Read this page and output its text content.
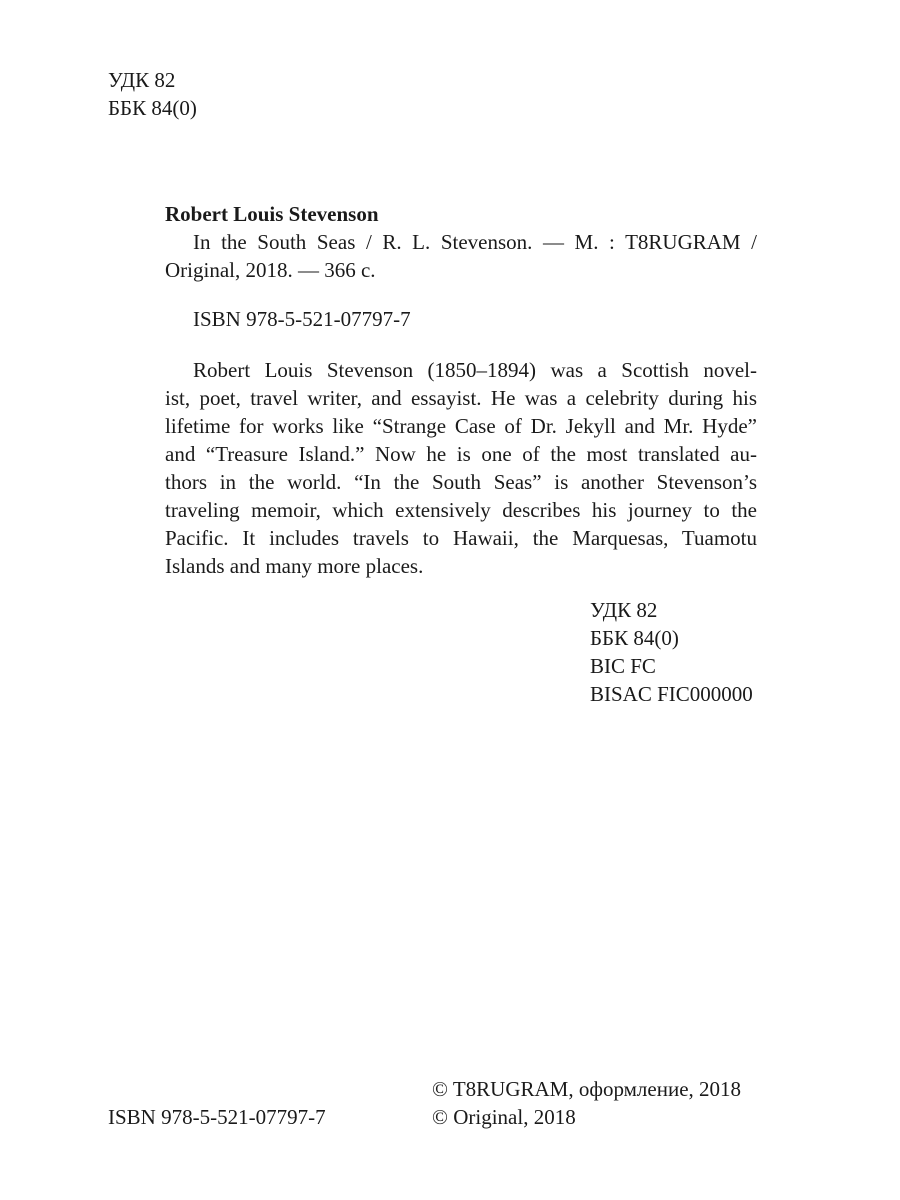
УДК 82
ББК 84(0)
Robert Louis Stevenson
In the South Seas / R. L. Stevenson. — M. : T8RUGRAM /
Original, 2018. — 366 c.
ISBN 978-5-521-07797-7
Robert Louis Stevenson (1850–1894) was a Scottish novel-
ist, poet, travel writer, and essayist. He was a celebrity during his
lifetime for works like “Strange Case of Dr. Jekyll and Mr. Hyde”
and “Treasure Island.” Now he is one of the most translated au-
thors in the world. “In the South Seas” is another Stevenson’s
traveling memoir, which extensively describes his journey to the
Pacific. It includes travels to Hawaii, the Marquesas, Tuamotu
Islands and many more places.
УДК 82
ББК 84(0)
BIC FC
BISAC FIC000000
© T8RUGRAM, оформление, 2018
ISBN 978-5-521-07797-7	© Original, 2018
